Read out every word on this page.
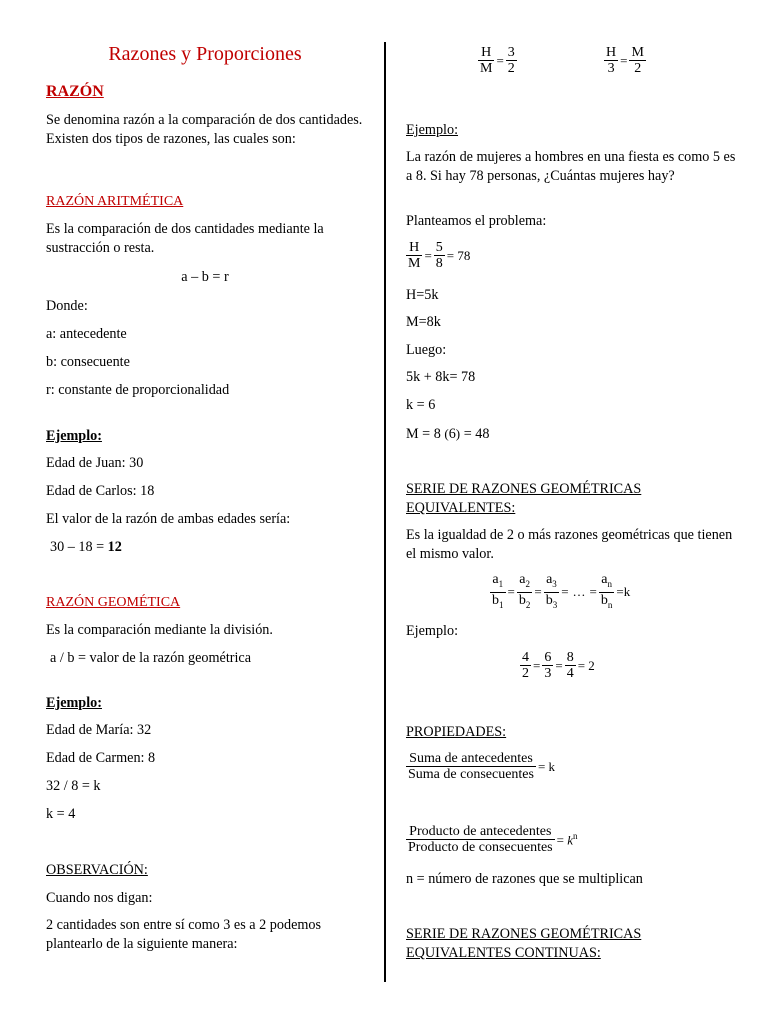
Razones y Proporciones

RAZÓN

Se denomina razón a la comparación de dos cantidades. Existen dos tipos de razones, las cuales son:

RAZÓN ARITMÉTICA

Es la comparación de dos cantidades mediante la sustracción o resta.

a – b = r

Donde:

a: antecedente

b: consecuente

r: constante de proporcionalidad

Ejemplo:

Edad de Juan: 30

Edad de Carlos: 18

El valor de la razón de ambas edades sería:

30 – 18 = 12

RAZÓN GEOMÉTICA

Es la comparación mediante la división.

a / b = valor de la razón geométrica

Ejemplo:

Edad de María: 32

Edad de Carmen: 8

32 / 8 = k

k = 4

OBSERVACIÓN:

Cuando nos digan:

2 cantidades son entre sí como 3 es a 2 podemos plantearlo de la siguiente manera:

$\frac{H}{M} = \frac{3}{2}$	$\frac{H}{3} = \frac{M}{2}$

Ejemplo:

La razón de mujeres a hombres en una fiesta es como 5 es a 8. Si hay 78 personas, ¿Cuántas mujeres hay?

Planteamos el problema:

$\frac{H}{M} = \frac{5}{8} = 78$

H=5k

M=8k

Luego:

5k + 8k= 78

k = 6

M = 8 (6) = 48

SERIE DE RAZONES GEOMÉTRICAS EQUIVALENTES:

Es la igualdad de 2 o más razones geométricas que tienen el mismo valor.

$\frac{a_1}{b_1} = \frac{a_2}{b_2} = \frac{a_3}{b_3}$ = … = $\frac{a_n}{b_n} =k$

Ejemplo:

$\frac{4}{2} = \frac{6}{3} = \frac{8}{4} = 2$

PROPIEDADES:

$\frac{\text{Suma de antecedentes}}{\text{Suma de consecuentes}} = k$
$\frac{\text{Producto de antecedentes}}{\text{Producto de consecuentes}} = k^n$

n = número de razones que se multiplican

SERIE DE RAZONES GEOMÉTRICAS EQUIVALENTES CONTINUAS:
